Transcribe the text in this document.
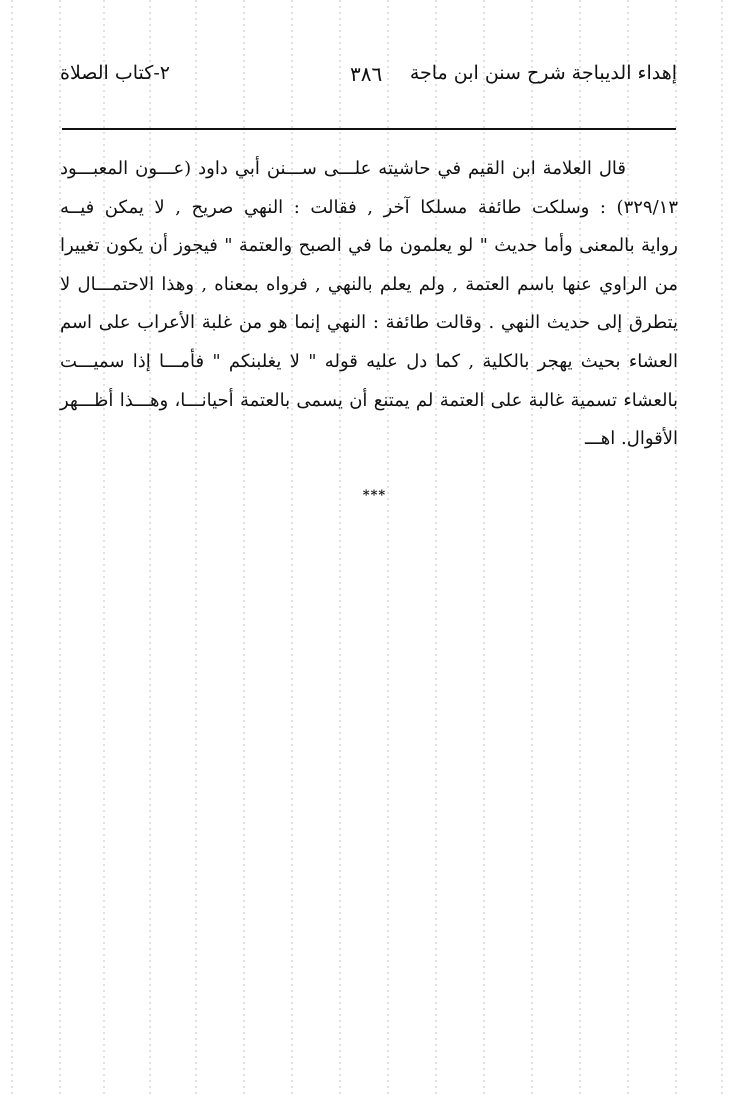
إهداء الديباجة شرح سنن ابن ماجة
٣٨٦
٢-كتاب الصلاة
قال العلامة ابن القيم في حاشيته علـــى ســـنن أبي داود (عـــون المعبـــود
٣٢٩/١٣) : وسلكت طائفة مسلكا آخر , فقالت : النهي صريح , لا يمكن فيــه
رواية بالمعنى وأما حديث " لو يعلمون ما في الصبح والعتمة " فيجوز أن يكون تغييرا
من الراوي عنها باسم العتمة , ولم يعلم بالنهي , فرواه بمعناه , وهذا الاحتمـــال لا
يتطرق إلى حديث النهي . وقالت طائفة : النهي إنما هو من غلبة الأعراب على اسم
العشاء بحيث يهجر بالكلية , كما دل عليه قوله " لا يغلبنكم " فأمـــا إذا سميـــت
بالعشاء تسمية غالبة على العتمة لم يمتنع أن يسمى بالعتمة أحيانـــا، وهـــذا أظـــهر
الأقوال. اهـــ
***
